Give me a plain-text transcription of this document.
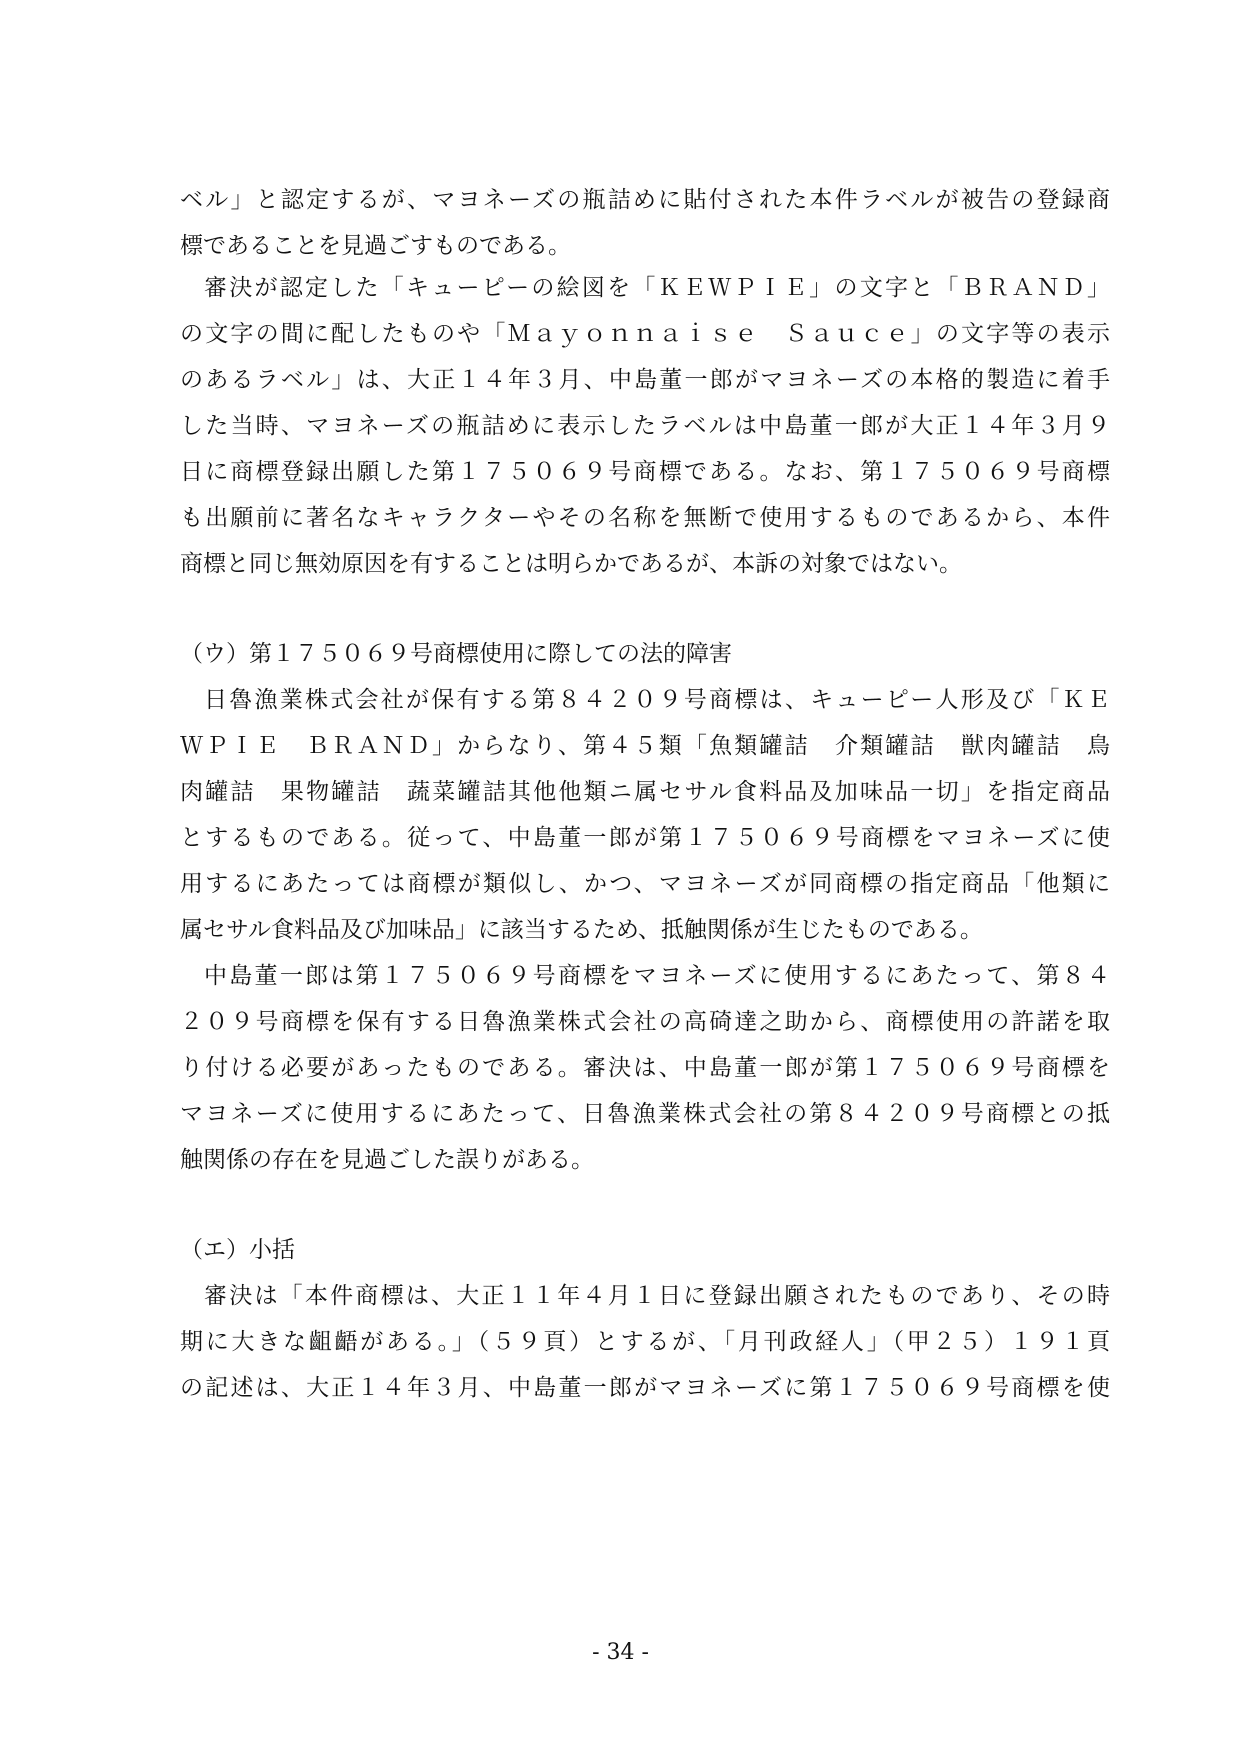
ベル」と認定するが、マヨネーズの瓶詰めに貼付された本件ラベルが被告の登録商
標であることを見過ごすものである。
審決が認定した「キューピーの絵図を「ＫＥＷＰＩＥ」の文字と「ＢＲＡＮＤ」
の文字の間に配したものや「Ｍａｙｏｎｎａｉｓｅ　Ｓａｕｃｅ」の文字等の表示
のあるラベル」は、大正１４年３月、中島董一郎がマヨネーズの本格的製造に着手
した当時、マヨネーズの瓶詰めに表示したラベルは中島董一郎が大正１４年３月９
日に商標登録出願した第１７５０６９号商標である。なお、第１７５０６９号商標
も出願前に著名なキャラクターやその名称を無断で使用するものであるから、本件
商標と同じ無効原因を有することは明らかであるが、本訴の対象ではない。
（ウ）第１７５０６９号商標使用に際しての法的障害
日魯漁業株式会社が保有する第８４２０９号商標は、キューピー人形及び「ＫＥ
ＷＰＩＥ　ＢＲＡＮＤ」からなり、第４５類「魚類罐詰　介類罐詰　獣肉罐詰　鳥
肉罐詰　果物罐詰　蔬菜罐詰其他他類ニ属セサル食料品及加味品一切」を指定商品
とするものである。従って、中島董一郎が第１７５０６９号商標をマヨネーズに使
用するにあたっては商標が類似し、かつ、マヨネーズが同商標の指定商品「他類に
属セサル食料品及び加味品」に該当するため、抵触関係が生じたものである。
中島董一郎は第１７５０６９号商標をマヨネーズに使用するにあたって、第８４
２０９号商標を保有する日魯漁業株式会社の高碕達之助から、商標使用の許諾を取
り付ける必要があったものである。審決は、中島董一郎が第１７５０６９号商標を
マヨネーズに使用するにあたって、日魯漁業株式会社の第８４２０９号商標との抵
触関係の存在を見過ごした誤りがある。
（エ）小括
審決は「本件商標は、大正１１年４月１日に登録出願されたものであり、その時
期に大きな齟齬がある。」（５９頁）とするが、「月刊政経人」（甲２５）１９１頁
の記述は、大正１４年３月、中島董一郎がマヨネーズに第１７５０６９号商標を使
- 34 -
